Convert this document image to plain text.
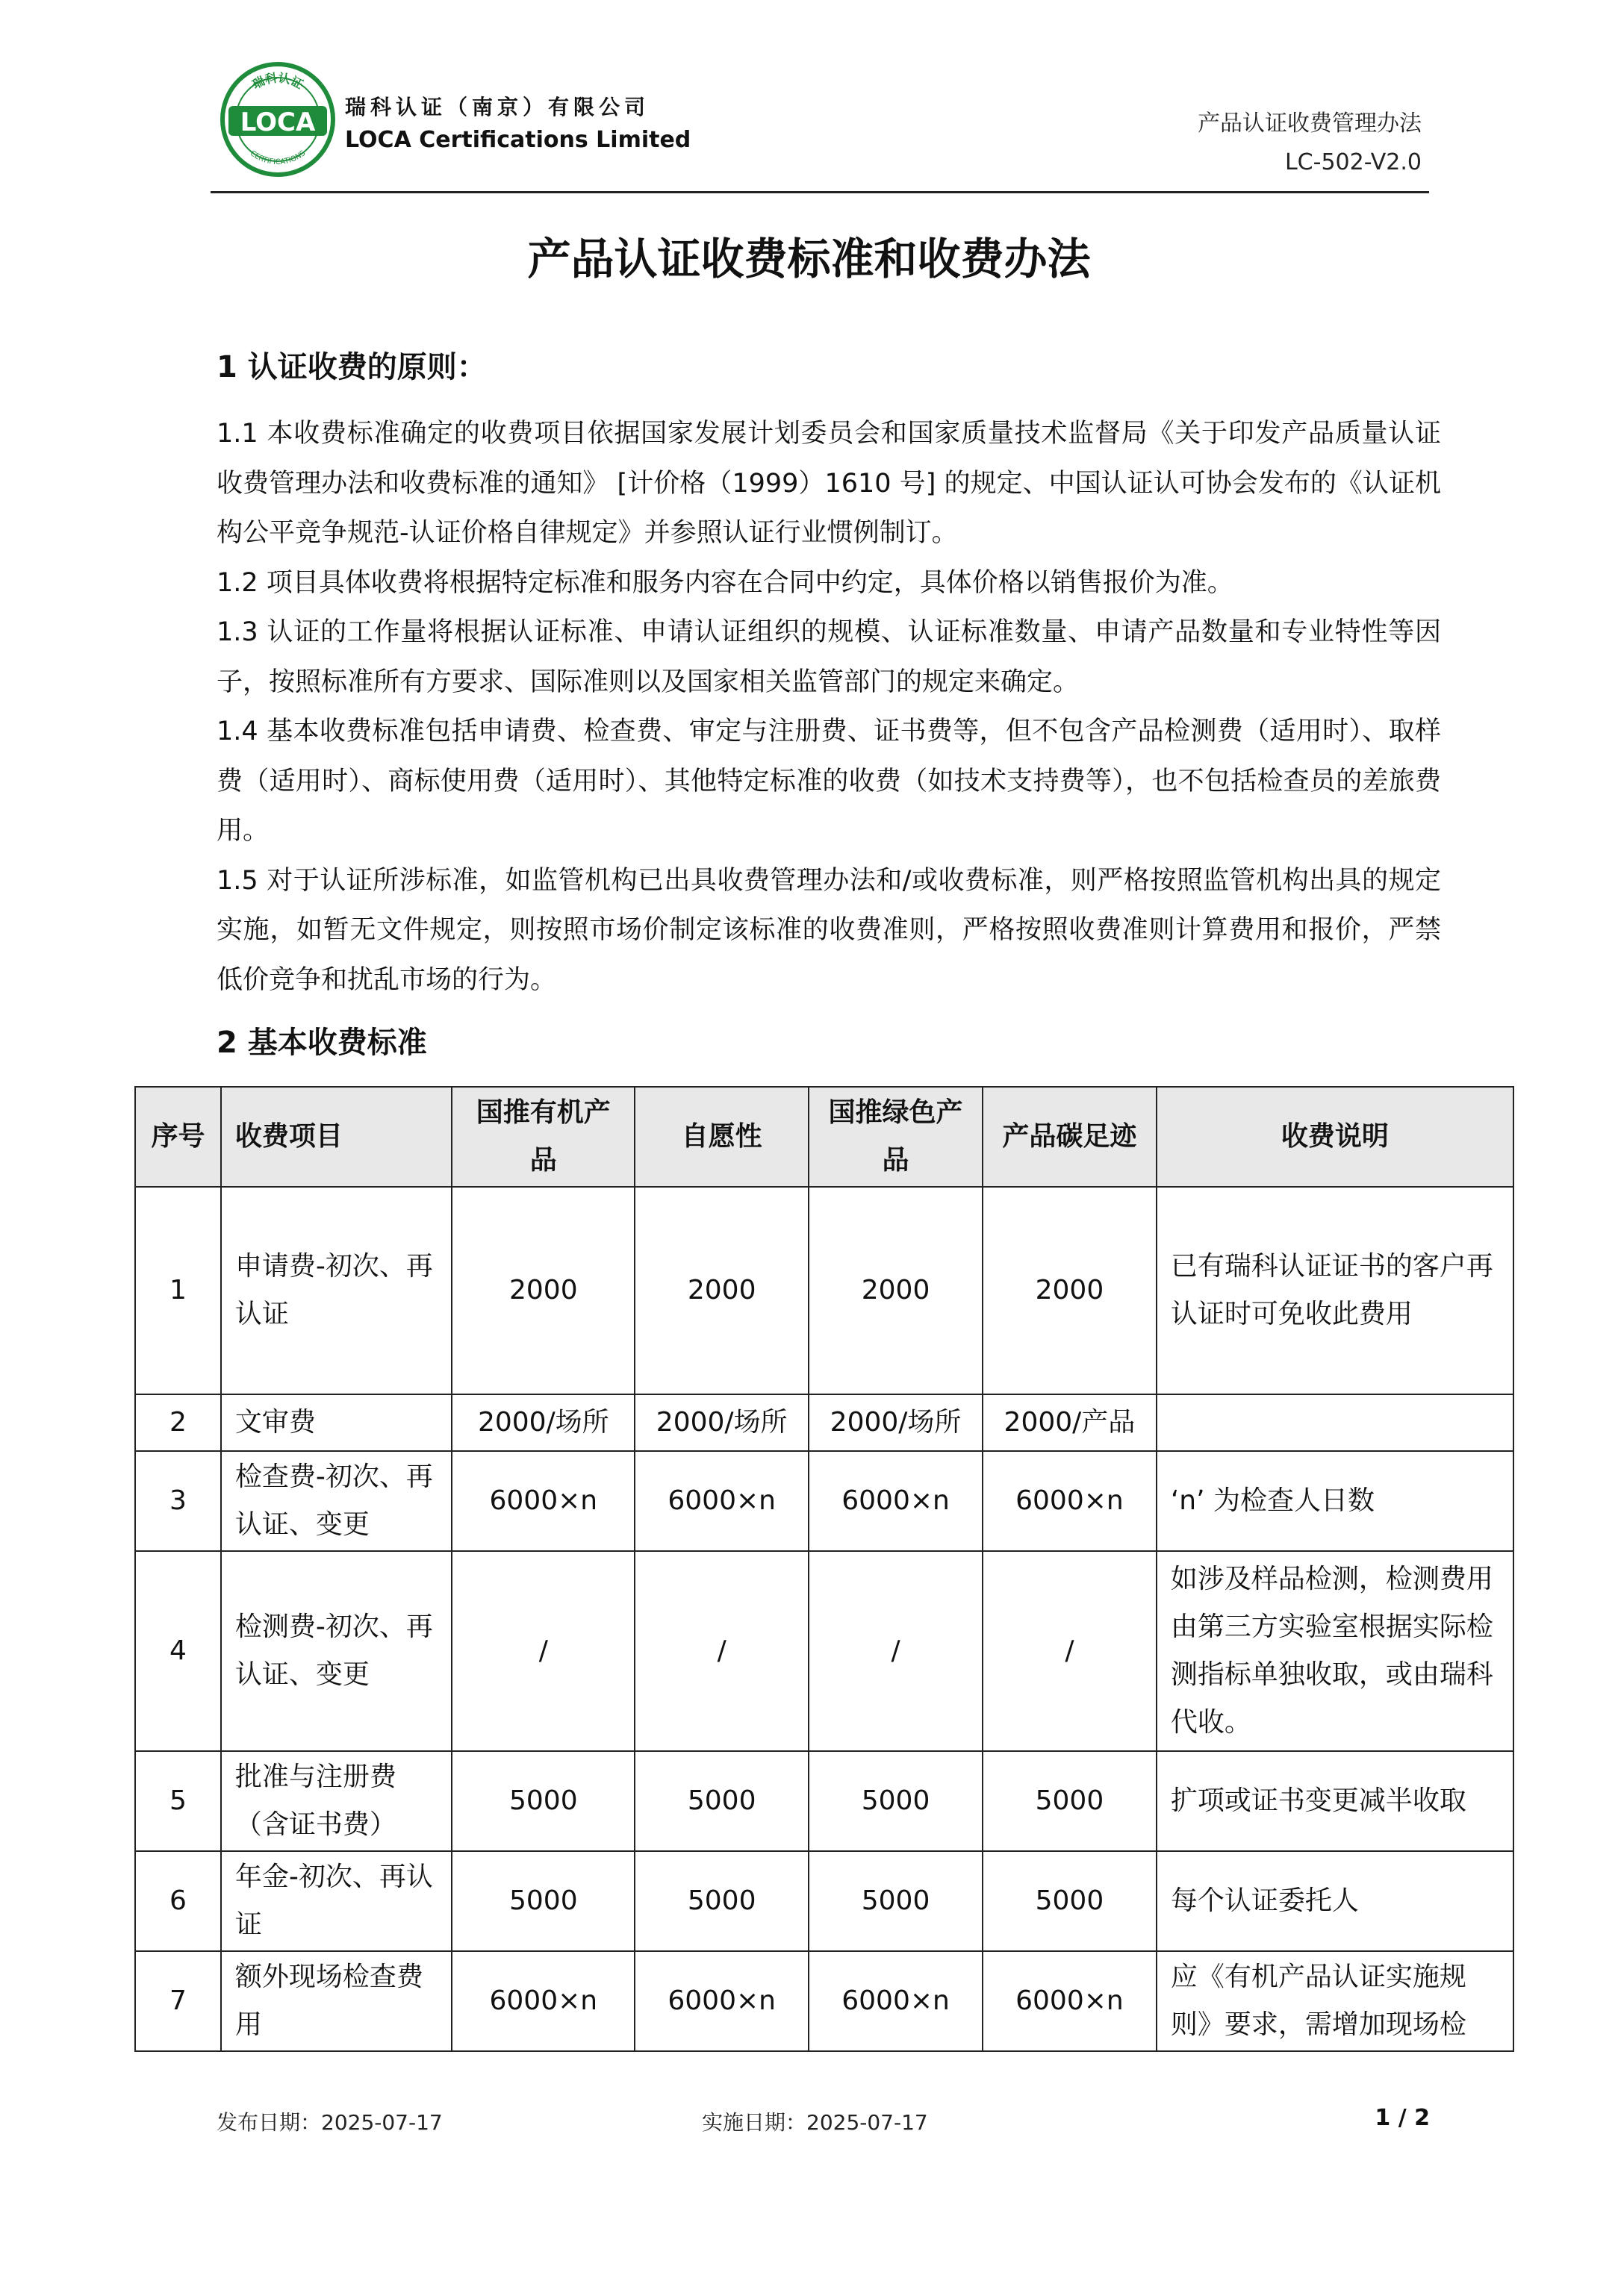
瑞科认证
LOCA
CERTIFICATIONS
瑞科认证（南京）有限公司
LOCA Certifications Limited
产品认证收费管理办法
LC-502-V2.0
产品认证收费标准和收费办法
1 认证收费的原则：

1.1 本收费标准确定的收费项目依据国家发展计划委员会和国家质量技术监督局《关于印发产品质量认证收费管理办法和收费标准的通知》 [计价格（1999）1610 号] 的规定、中国认证认可协会发布的《认证机构公平竞争规范-认证价格自律规定》并参照认证行业惯例制订。

1.2 项目具体收费将根据特定标准和服务内容在合同中约定，具体价格以销售报价为准。

1.3 认证的工作量将根据认证标准、申请认证组织的规模、认证标准数量、申请产品数量和专业特性等因子，按照标准所有方要求、国际准则以及国家相关监管部门的规定来确定。

1.4 基本收费标准包括申请费、检查费、审定与注册费、证书费等，但不包含产品检测费（适用时）、取样费（适用时）、商标使用费（适用时）、其他特定标准的收费（如技术支持费等），也不包括检查员的差旅费用。

1.5 对于认证所涉标准，如监管机构已出具收费管理办法和/或收费标准，则严格按照监管机构出具的规定实施，如暂无文件规定，则按照市场价制定该标准的收费准则，严格按照收费准则计算费用和报价，严禁低价竞争和扰乱市场的行为。

2 基本收费标准
序号	收费项目	国推有机产品	自愿性	国推绿色产品	产品碳足迹	收费说明
1	申请费-初次、再认证	2000	2000	2000	2000	已有瑞科认证证书的客户再认证时可免收此费用
2	文审费	2000/场所	2000/场所	2000/场所	2000/产品	
3	检查费-初次、再认证、变更	6000×n	6000×n	6000×n	6000×n	‘n’ 为检查人日数
4	检测费-初次、再认证、变更	/	/	/	/	如涉及样品检测，检测费用由第三方实验室根据实际检测指标单独收取，或由瑞科代收。
5	批准与注册费（含证书费）	5000	5000	5000	5000	扩项或证书变更减半收取
6	年金-初次、再认证	5000	5000	5000	5000	每个认证委托人
7	额外现场检查费用	6000×n	6000×n	6000×n	6000×n	应《有机产品认证实施规则》要求，需增加现场检
发布日期：2025-07-17	实施日期：2025-07-17	1 / 2
